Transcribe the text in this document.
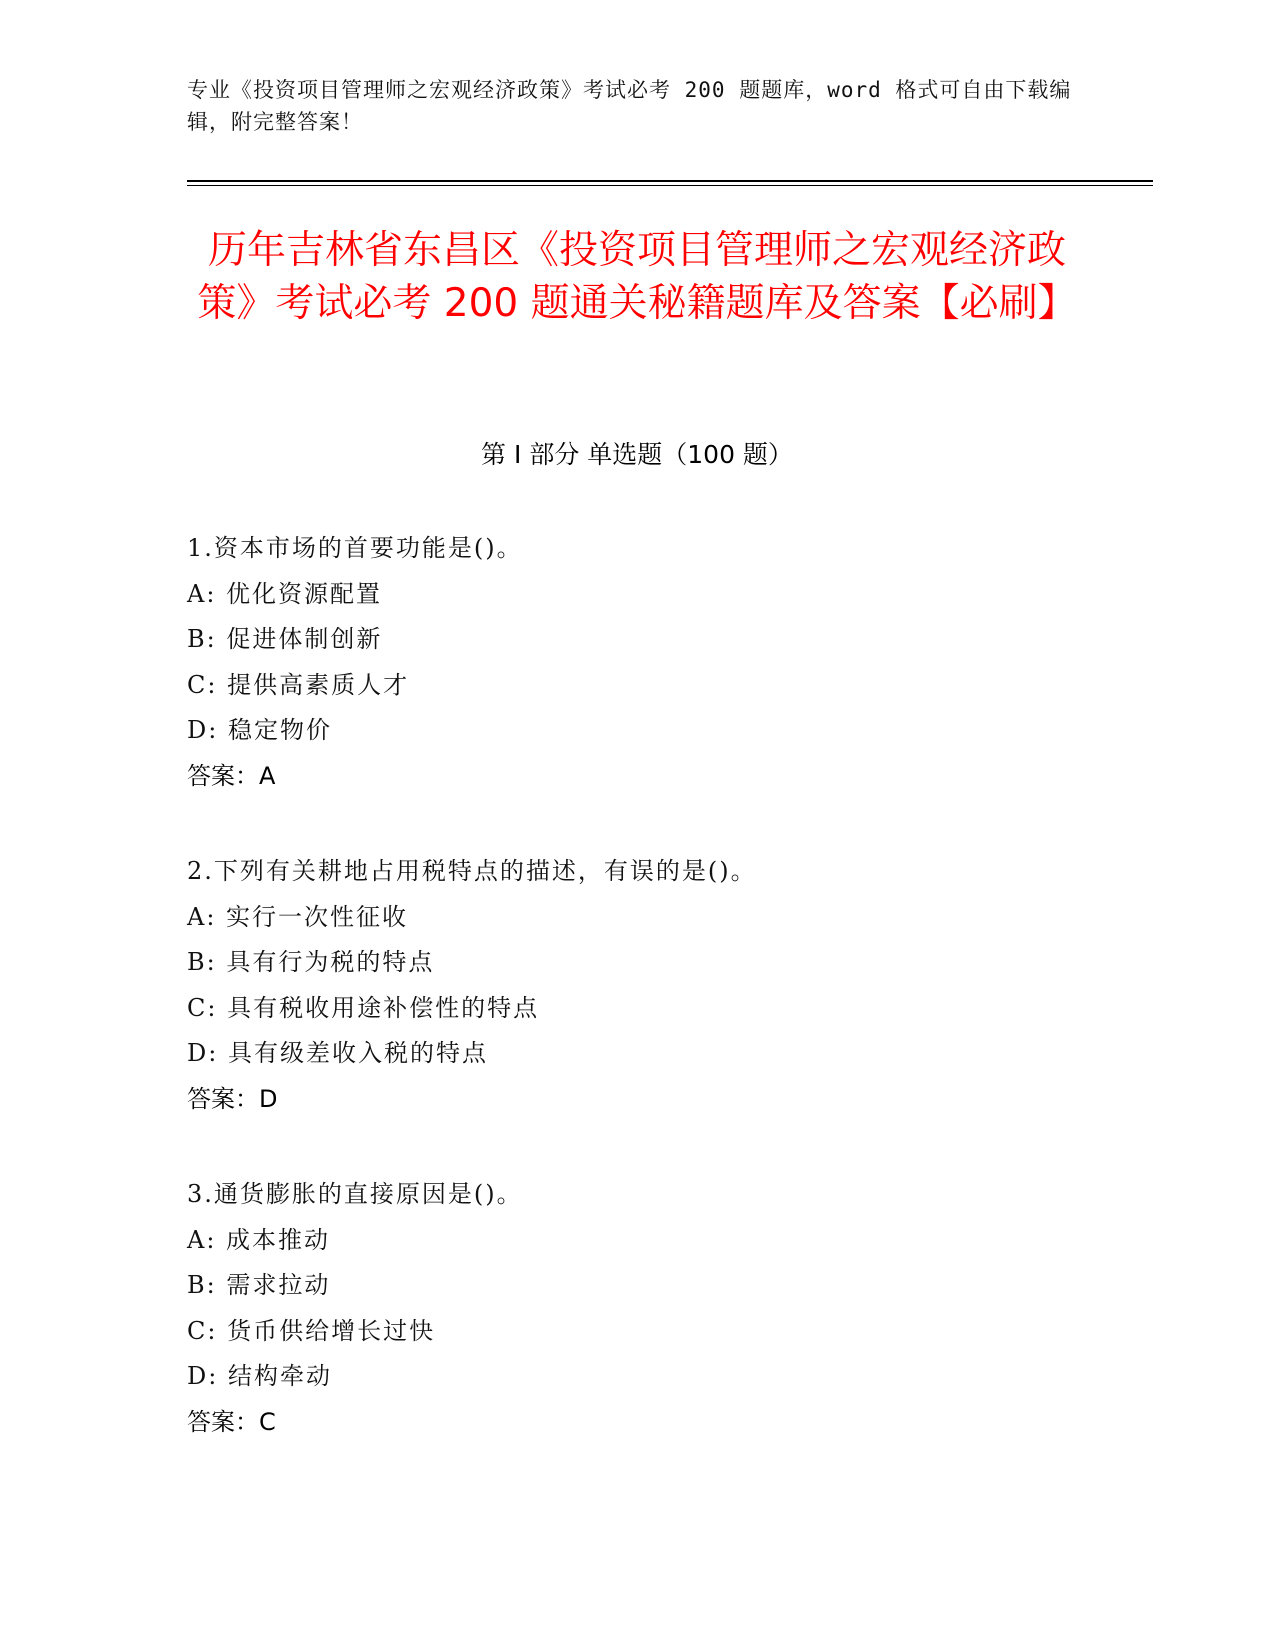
专业《投资项目管理师之宏观经济政策》考试必考 200 题题库，word 格式可自由下载编辑，附完整答案！
历年吉林省东昌区《投资项目管理师之宏观经济政策》考试必考 200 题通关秘籍题库及答案【必刷】
第 I 部分 单选题（100 题）
1.资本市场的首要功能是()。
A: 优化资源配置
B: 促进体制创新
C: 提供高素质人才
D: 稳定物价
答案：A
2.下列有关耕地占用税特点的描述，有误的是()。
A: 实行一次性征收
B: 具有行为税的特点
C: 具有税收用途补偿性的特点
D: 具有级差收入税的特点
答案：D
3.通货膨胀的直接原因是()。
A: 成本推动
B: 需求拉动
C: 货币供给增长过快
D: 结构牵动
答案：C
